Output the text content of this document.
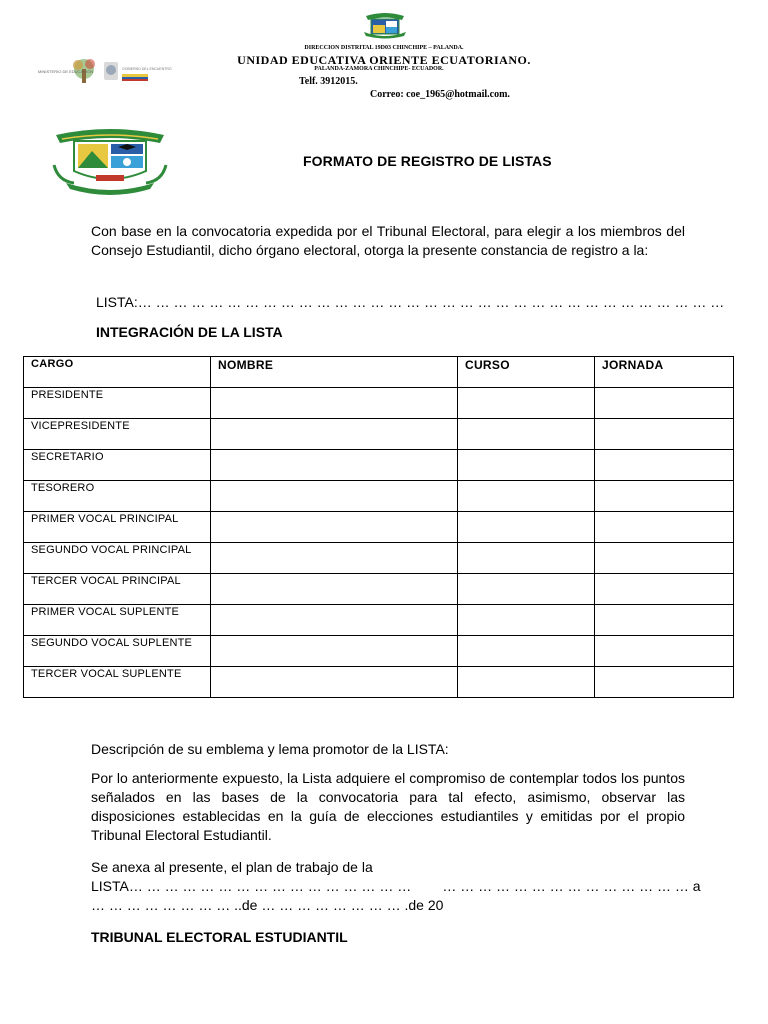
MINISTERIO DE EDUCACIÓN	GOBIERNO DEL ENCUENTRO
DIRECCION DISTRITAL 19D03 CHINCHIPE – PALANDA.
UNIDAD EDUCATIVA ORIENTE ECUATORIANO.
PALANDA-ZAMORA CHINCHIPE- ECUADOR.
Telf. 3912015.
Correo: coe_1965@hotmail.com.
FORMATO DE REGISTRO DE LISTAS
Con base en la convocatoria expedida por el Tribunal Electoral, para elegir a los miembros del Consejo Estudiantil, dicho órgano electoral, otorga la presente constancia de registro a la:
LISTA:… … … … … … … … … … … … … … … … … … … … … … … … … … … … … … … … …
INTEGRACIÓN DE LA LISTA
CARGO	NOMBRE	CURSO	JORNADA
PRESIDENTE			
VICEPRESIDENTE			
SECRETARIO			
TESORERO			
PRIMER VOCAL PRINCIPAL			
SEGUNDO VOCAL PRINCIPAL			
TERCER VOCAL PRINCIPAL			
PRIMER VOCAL SUPLENTE			
SEGUNDO VOCAL SUPLENTE			
TERCER VOCAL SUPLENTE			
Descripción de su emblema y lema promotor de la LISTA:
Por lo anteriormente expuesto, la Lista adquiere el compromiso de contemplar todos los puntos señalados en las bases de la convocatoria para tal efecto, asimismo, observar las disposiciones establecidas en la guía de elecciones estudiantiles y emitidas por el propio Tribunal Electoral Estudiantil.
Se anexa al presente, el plan de trabajo de la
LISTA… … … … … … … … … … … … … … … …        … … … … … … … … … … … … … … a
… … … … … … … … ..de … … … … … … … … .de 20
TRIBUNAL ELECTORAL ESTUDIANTIL
